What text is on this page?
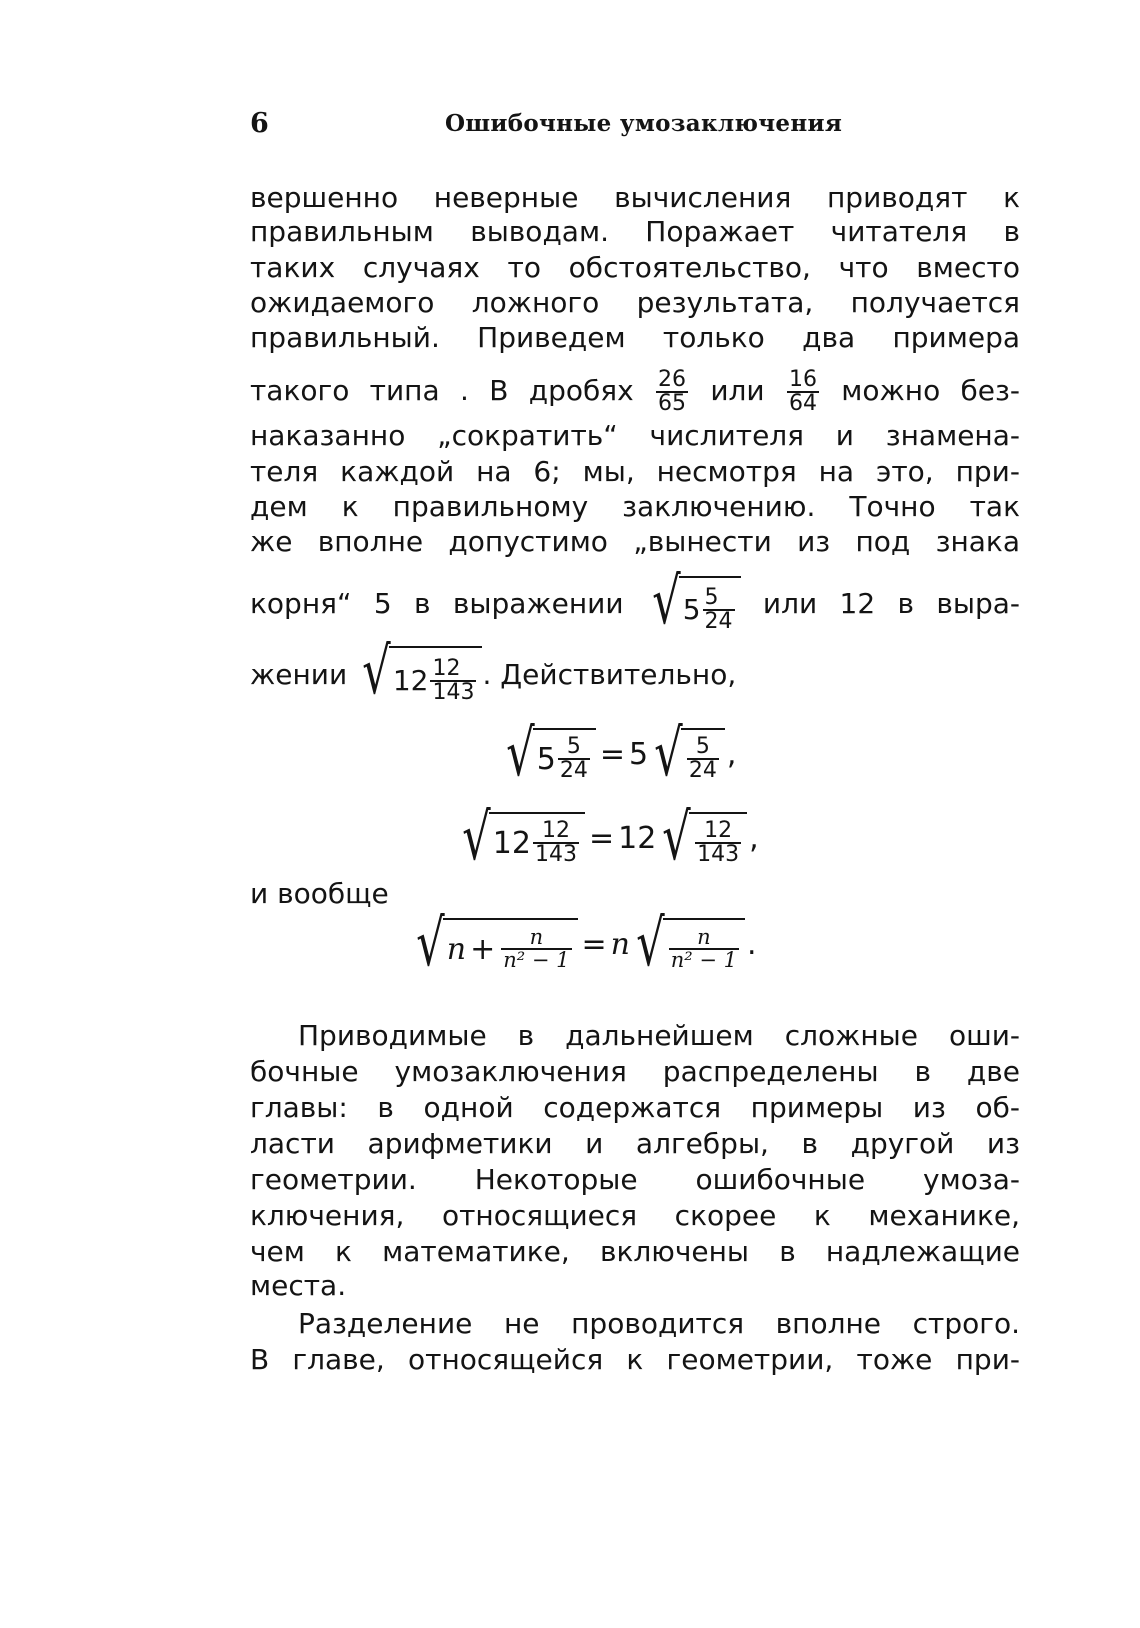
6	Ошибочные умозаключения
вершенно неверные вычисления приводят к
правильным выводам. Поражает читателя в
таких случаях то обстоятельство, что вместо
ожидаемого ложного результата, получается
правильный. Приведем только два примера
такого типа . В дробях $\frac{26}{65}$ или $\frac{16}{64}$ можно без-
наказанно „сократить“ числителя и знамена-
теля каждой на 6; мы, несмотря на это, при-
дем к правильному заключению. Точно так
же вполне допустимо „вынести из под знака
корня“ 5 в выражении √ $5 \frac{5}{24}$ или 12 в выра-
жении √ $12 \frac{12}{143}$ . Действительно,
√ $5 \frac{5}{24} = 5$ √ $\frac{5}{24}$ ,
√ $12 \frac{12}{143} = 12$ √ $\frac{12}{143}$ ,
и вообще
√ $n + \frac{n}{\text{n² − 1}} = n$ √ $\frac{n}{\text{n² − 1}}$ .
Приводимые в дальнейшем сложные оши-
бочные умозаключения распределены в две
главы: в одной содержатся примеры из об-
ласти арифметики и алгебры, в другой из
геометрии. Некоторые ошибочные умоза-
ключения, относящиеся скорее к механике,
чем к математике, включены в надлежащие
места.
Разделение не проводится вполне строго.
В главе, относящейся к геометрии, тоже при-
